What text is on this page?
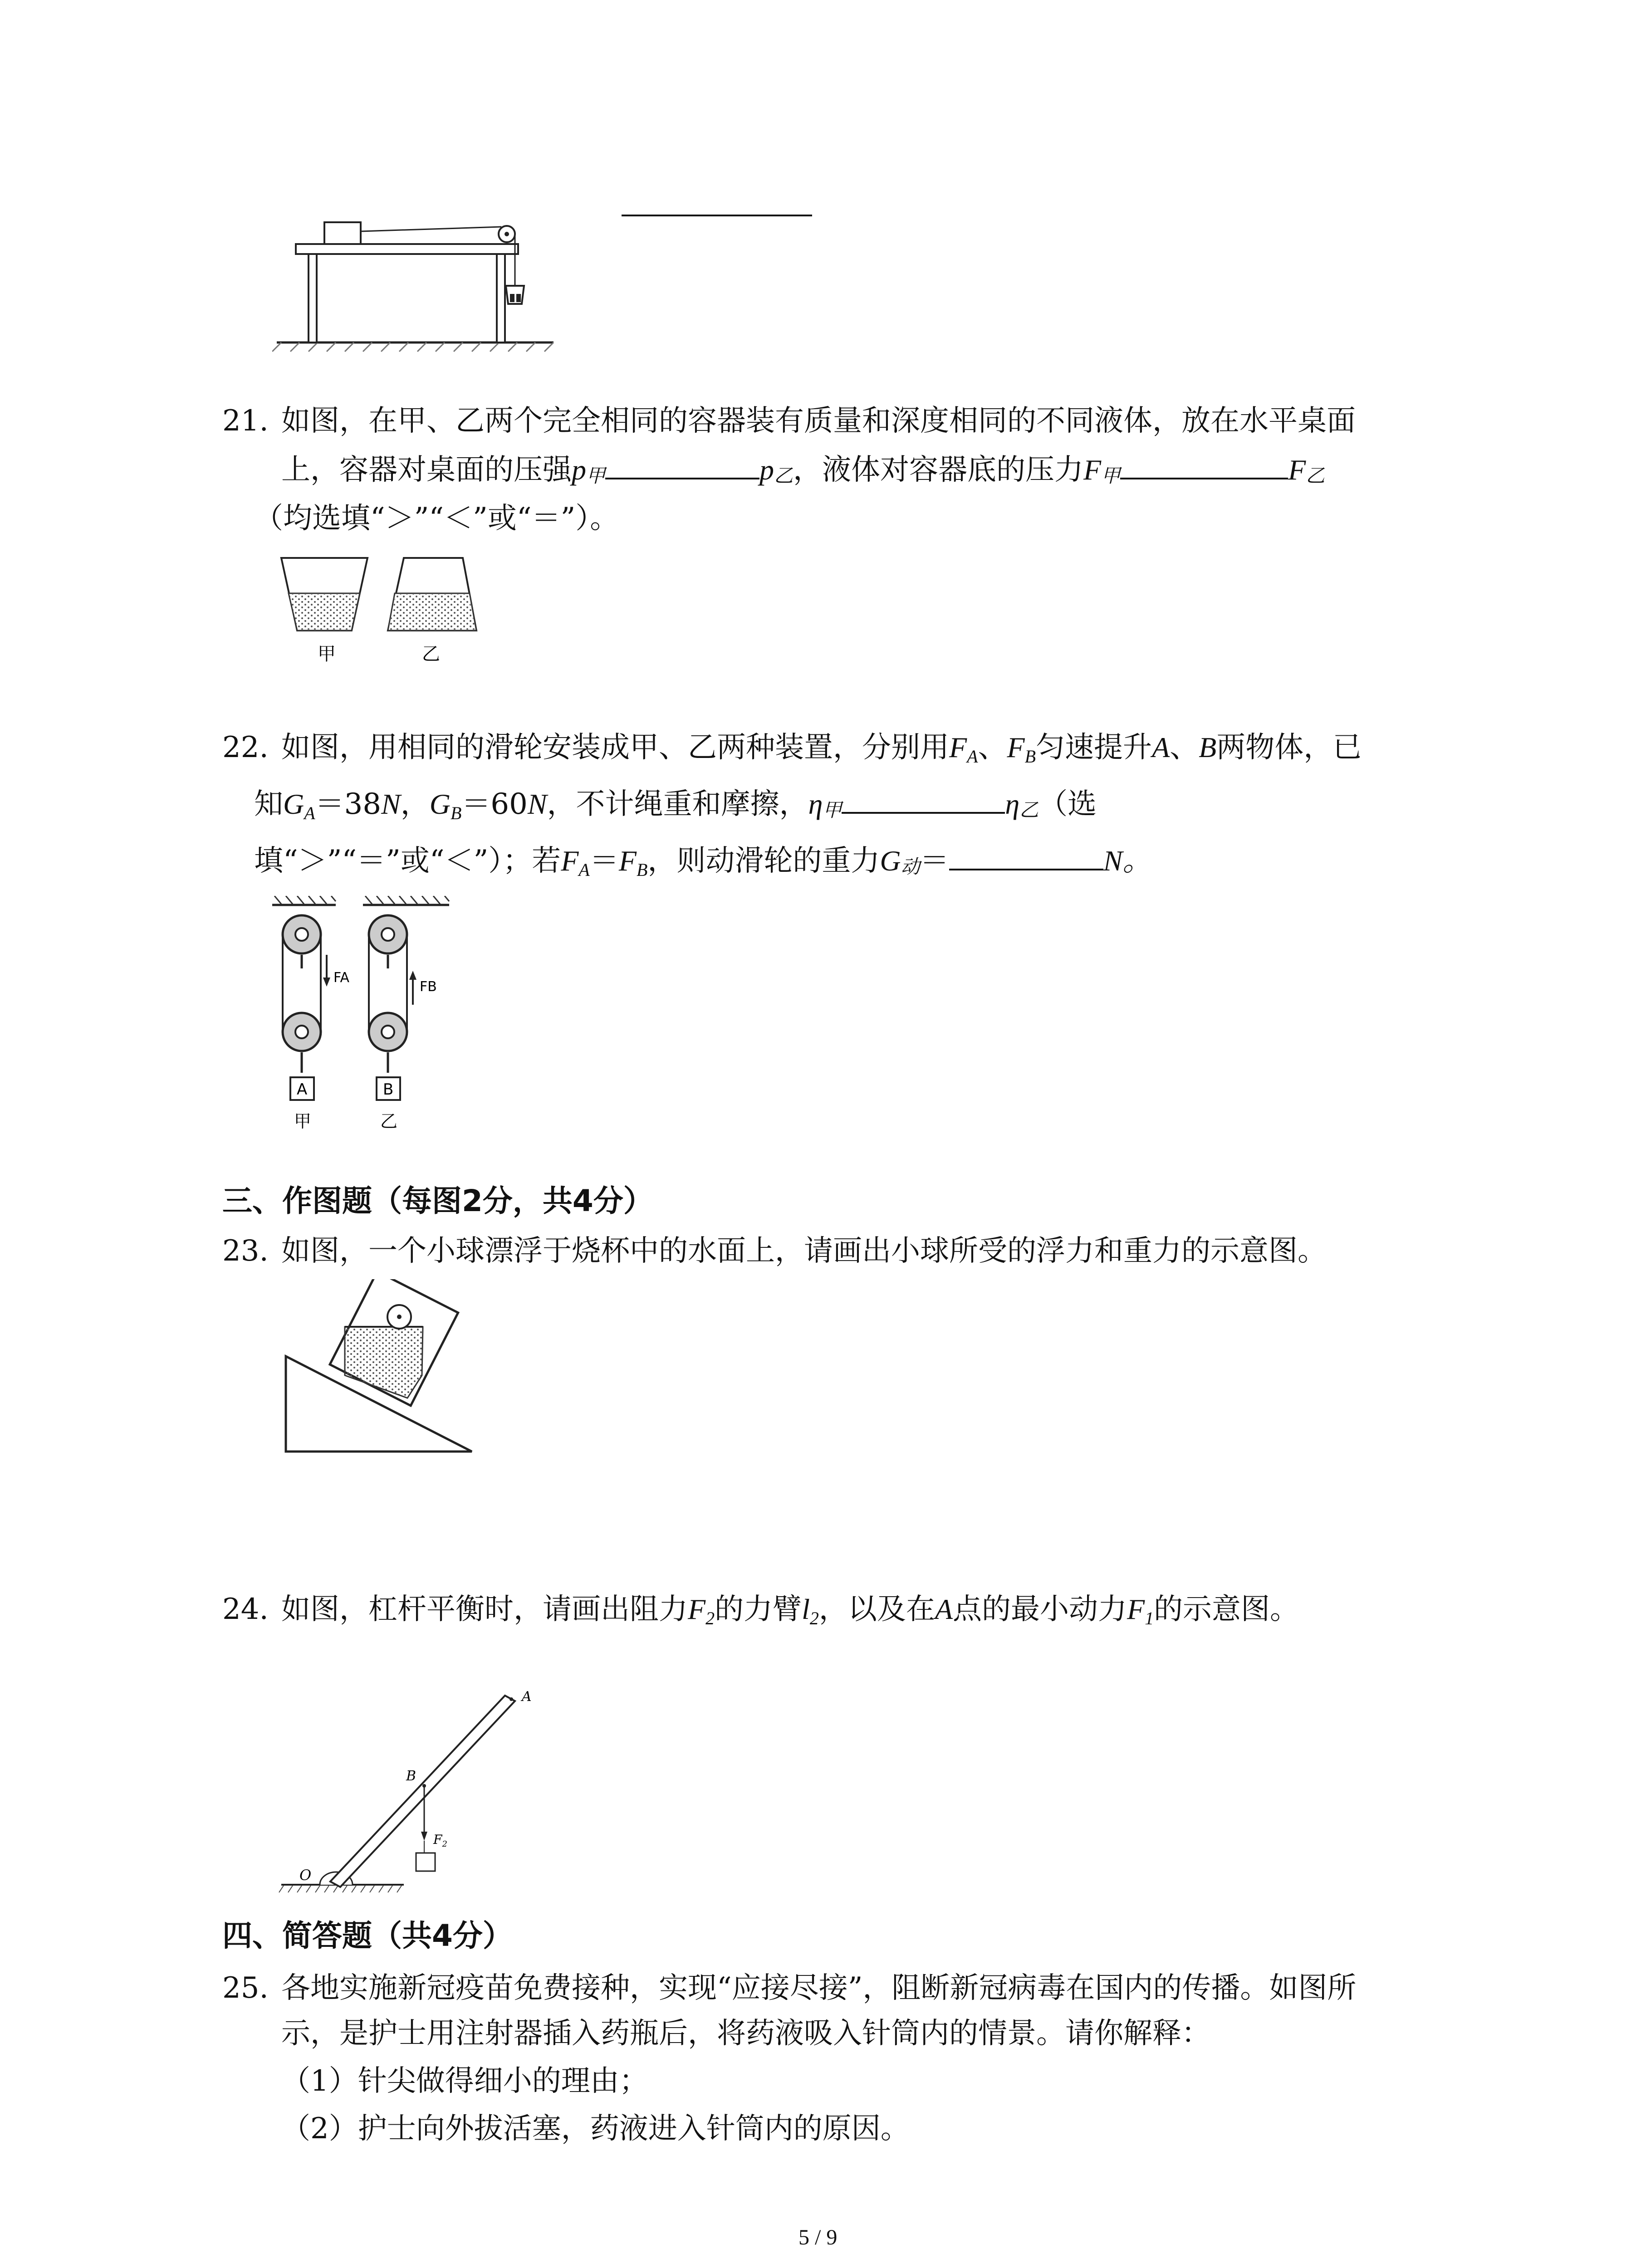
21. 如图，在甲、乙两个完全相同的容器装有质量和深度相同的不同液体，放在水平桌面
上，容器对桌面的压强p甲	p乙，液体对容器底的压力F甲	F乙
（均选填“＞”“＜”或“＝”）。
甲	乙
22. 如图，用相同的滑轮安装成甲、乙两种装置，分别用$F_A$、$F_B$匀速提升A、B两物体，已
知$G_A=38N$，$G_B=60N$，不计绳重和摩擦，η甲	η乙（选
填“＞”“＝”或“＜”）；若$F_A=F_B$，则动滑轮的重力G动＝	N。
FA
A
甲
FB
B
乙
三、作图题（每图2分，共4分）
23. 如图，一个小球漂浮于烧杯中的水面上，请画出小球所受的浮力和重力的示意图。
24. 如图，杠杆平衡时，请画出阻力$F_2$的力臂$l_2$，以及在A点的最小动力$F_1$的示意图。
A
B
O
$F_2$
四、简答题（共4分）
25. 各地实施新冠疫苗免费接种，实现“应接尽接”，阻断新冠病毒在国内的传播。如图所
示，是护士用注射器插入药瓶后，将药液吸入针筒内的情景。请你解释：
（1）针尖做得细小的理由；
（2）护士向外拔活塞，药液进入针筒内的原因。
5 / 9
